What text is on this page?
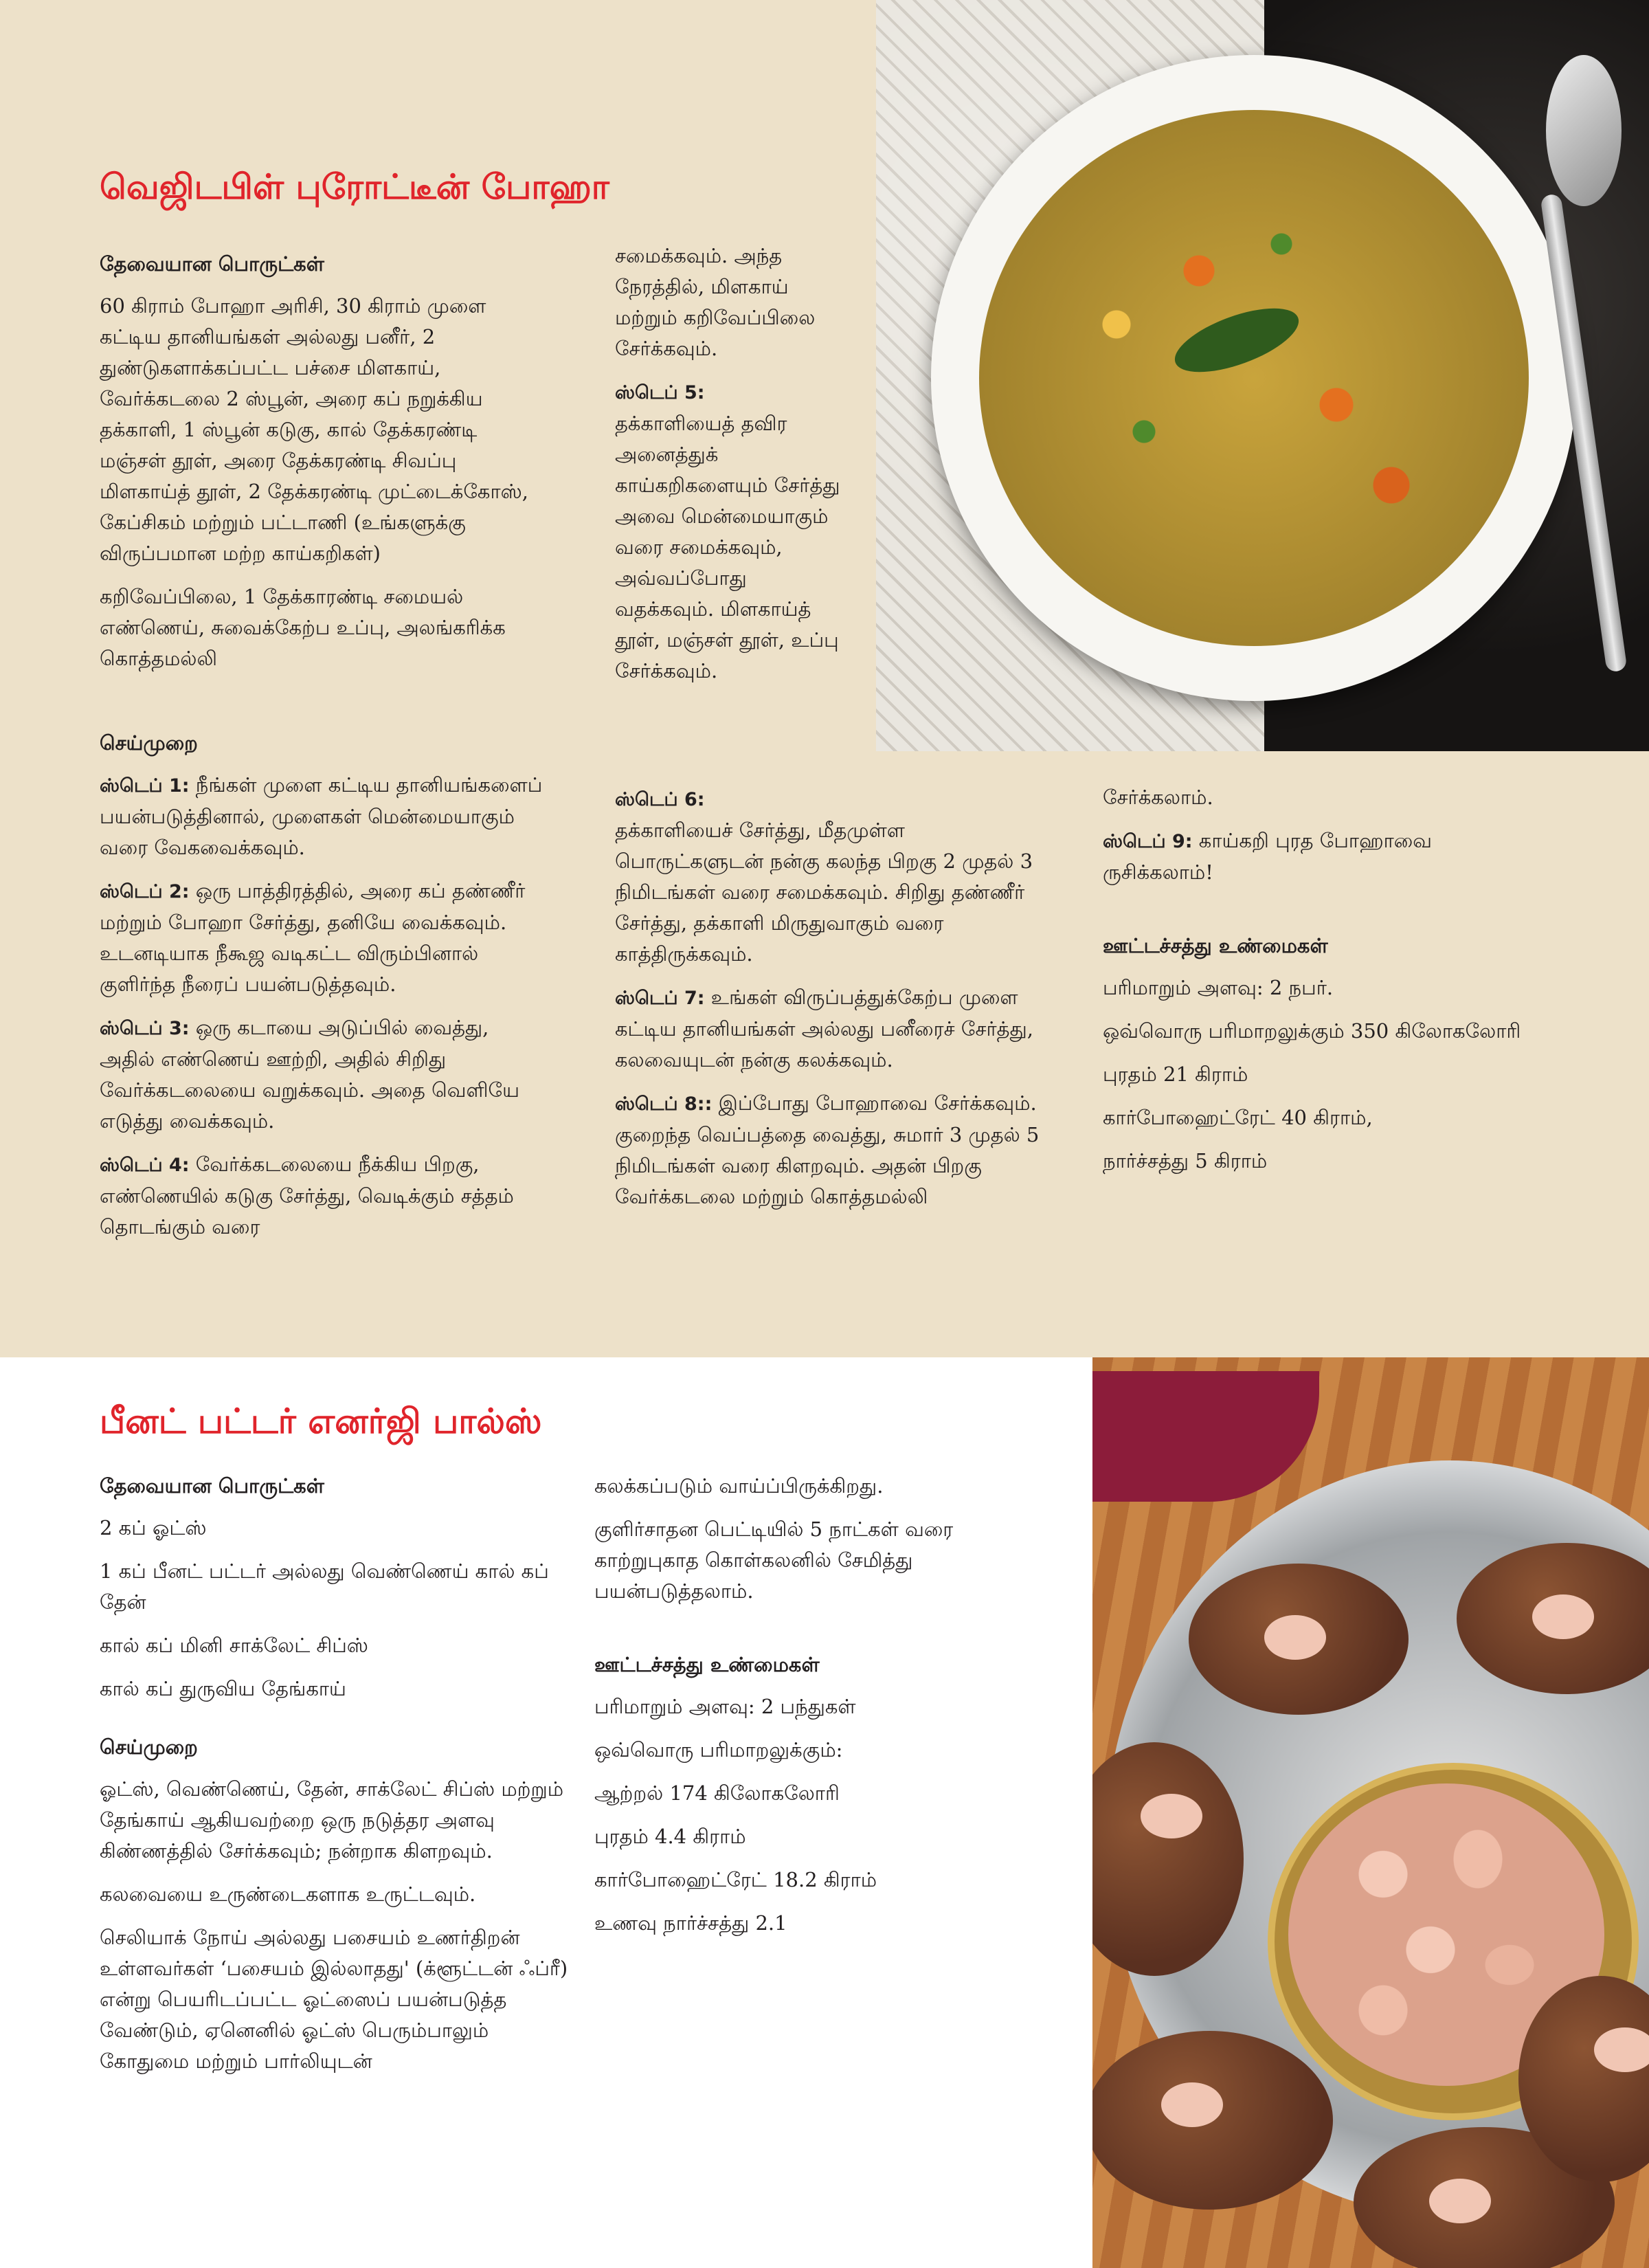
வெஜிடபிள் புரோட்டீன் போஹா
தேவையான பொருட்கள்

60 கிராம் போஹா அரிசி, 30 கிராம் முளை கட்டிய தானியங்கள் அல்லது பனீர், 2 துண்டுகளாக்கப்பட்ட பச்சை மிளகாய், வேர்க்கடலை 2 ஸ்பூன், அரை கப் நறுக்கிய தக்காளி, 1 ஸ்பூன் கடுகு, கால் தேக்கரண்டி மஞ்சள் தூள், அரை தேக்கரண்டி சிவப்பு மிளகாய்த் தூள், 2 தேக்கரண்டி முட்டைக்கோஸ், கேப்சிகம் மற்றும் பட்டாணி (உங்களுக்கு விருப்பமான மற்ற காய்கறிகள்)

கறிவேப்பிலை, 1 தேக்காரண்டி சமையல் எண்ணெய், சுவைக்கேற்ப உப்பு, அலங்கரிக்க கொத்தமல்லி

செய்முறை

ஸ்டெப் 1: நீங்கள் முளை கட்டிய தானியங்களைப் பயன்படுத்தினால், முளைகள் மென்மையாகும் வரை வேகவைக்கவும்.

ஸ்டெப் 2: ஒரு பாத்திரத்தில், அரை கப் தண்ணீர் மற்றும் போஹா சேர்த்து, தனியே வைக்கவும். உடனடியாக நீகூஜ வடிகட்ட விரும்பினால் குளிர்ந்த நீரைப் பயன்படுத்தவும்.

ஸ்டெப் 3: ஒரு கடாயை அடுப்பில் வைத்து, அதில் எண்ணெய் ஊற்றி, அதில் சிறிது வேர்க்கடலையை வறுக்கவும். அதை வெளியே எடுத்து வைக்கவும்.

ஸ்டெப் 4: வேர்க்கடலையை நீக்கிய பிறகு, எண்ணெயில் கடுகு சேர்த்து, வெடிக்கும் சத்தம் தொடங்கும் வரை

சமைக்கவும். அந்த நேரத்தில், மிளகாய் மற்றும் கறிவேப்பிலை சேர்க்கவும்.

ஸ்டெப் 5:
தக்காளியைத் தவிர அனைத்துக் காய்கறிகளையும் சேர்த்து அவை மென்மையாகும் வரை சமைக்கவும், அவ்வப்போது வதக்கவும். மிளகாய்த் தூள், மஞ்சள் தூள், உப்பு சேர்க்கவும்.

ஸ்டெப் 6:
தக்காளியைச் சேர்த்து, மீதமுள்ள பொருட்களுடன் நன்கு கலந்த பிறகு 2 முதல் 3 நிமிடங்கள் வரை சமைக்கவும். சிறிது தண்ணீர் சேர்த்து, தக்காளி மிருதுவாகும் வரை காத்திருக்கவும்.

ஸ்டெப் 7: உங்கள் விருப்பத்துக்கேற்ப முளை கட்டிய தானியங்கள் அல்லது பனீரைச் சேர்த்து, கலவையுடன் நன்கு கலக்கவும்.

ஸ்டெப் 8:: இப்போது போஹாவை சேர்க்கவும். குறைந்த வெப்பத்தை வைத்து, சுமார் 3 முதல் 5 நிமிடங்கள் வரை கிளறவும். அதன் பிறகு வேர்க்கடலை மற்றும் கொத்தமல்லி

சேர்க்கலாம்.

ஸ்டெப் 9: காய்கறி புரத போஹாவை ருசிக்கலாம்!

ஊட்டச்சத்து உண்மைகள்

பரிமாறும் அளவு: 2 நபர்.

ஒவ்வொரு பரிமாறலுக்கும் 350 கிலோகலோரி

புரதம் 21 கிராம்

கார்போஹைட்ரேட் 40 கிராம்,

நார்ச்சத்து 5 கிராம்

பீனட் பட்டர் எனர்ஜி பால்ஸ்
தேவையான பொருட்கள்

2 கப் ஓட்ஸ்

1 கப் பீனட் பட்டர் அல்லது வெண்ணெய் கால் கப் தேன்

கால் கப் மினி சாக்லேட் சிப்ஸ்

கால் கப் துருவிய தேங்காய்

செய்முறை

ஓட்ஸ், வெண்ணெய், தேன், சாக்லேட் சிப்ஸ் மற்றும் தேங்காய் ஆகியவற்றை ஒரு நடுத்தர அளவு கிண்ணத்தில் சேர்க்கவும்; நன்றாக கிளறவும்.

கலவையை உருண்டைகளாக உருட்டவும்.

செலியாக் நோய் அல்லது பசையம் உணர்திறன் உள்ளவர்கள் ‘பசையம் இல்லாதது' (க்ளூட்டன் ஃப்ரீ) என்று பெயரிடப்பட்ட ஓட்ஸைப் பயன்படுத்த வேண்டும், ஏனெனில் ஓட்ஸ் பெரும்பாலும் கோதுமை மற்றும் பார்லியுடன்

கலக்கப்படும் வாய்ப்பிருக்கிறது.

குளிர்சாதன பெட்டியில் 5 நாட்கள் வரை காற்றுபுகாத கொள்கலனில் சேமித்து பயன்படுத்தலாம்.

ஊட்டச்சத்து உண்மைகள்

பரிமாறும் அளவு: 2 பந்துகள்

ஒவ்வொரு பரிமாறலுக்கும்:

ஆற்றல் 174 கிலோகலோரி

புரதம் 4.4 கிராம்

கார்போஹைட்ரேட் 18.2 கிராம்

உணவு நார்ச்சத்து 2.1
